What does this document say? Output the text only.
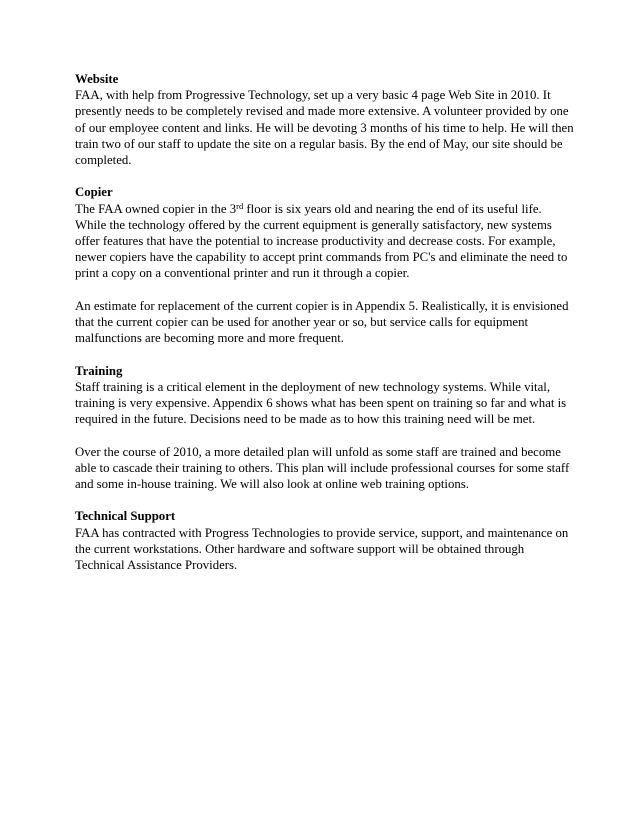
Website
FAA, with help from Progressive Technology, set up a very basic 4 page Web Site in 2010. It
presently needs to be completely revised and made more extensive. A volunteer provided by one
of our employee content and links. He will be devoting 3 months of his time to help. He will then
train two of our staff to update the site on a regular basis. By the end of May, our site should be
completed.
Copier
The FAA owned copier in the 3rd floor is six years old and nearing the end of its useful life.
While the technology offered by the current equipment is generally satisfactory, new systems
offer features that have the potential to increase productivity and decrease costs. For example,
newer copiers have the capability to accept print commands from PC's and eliminate the need to
print a copy on a conventional printer and run it through a copier.
An estimate for replacement of the current copier is in Appendix 5. Realistically, it is envisioned
that the current copier can be used for another year or so, but service calls for equipment
malfunctions are becoming more and more frequent.
Training
Staff training is a critical element in the deployment of new technology systems. While vital,
training is very expensive. Appendix 6 shows what has been spent on training so far and what is
required in the future. Decisions need to be made as to how this training need will be met.
Over the course of 2010, a more detailed plan will unfold as some staff are trained and become
able to cascade their training to others. This plan will include professional courses for some staff
and some in-house training. We will also look at online web training options.
Technical Support
FAA has contracted with Progress Technologies to provide service, support, and maintenance on
the current workstations. Other hardware and software support will be obtained through
Technical Assistance Providers.
